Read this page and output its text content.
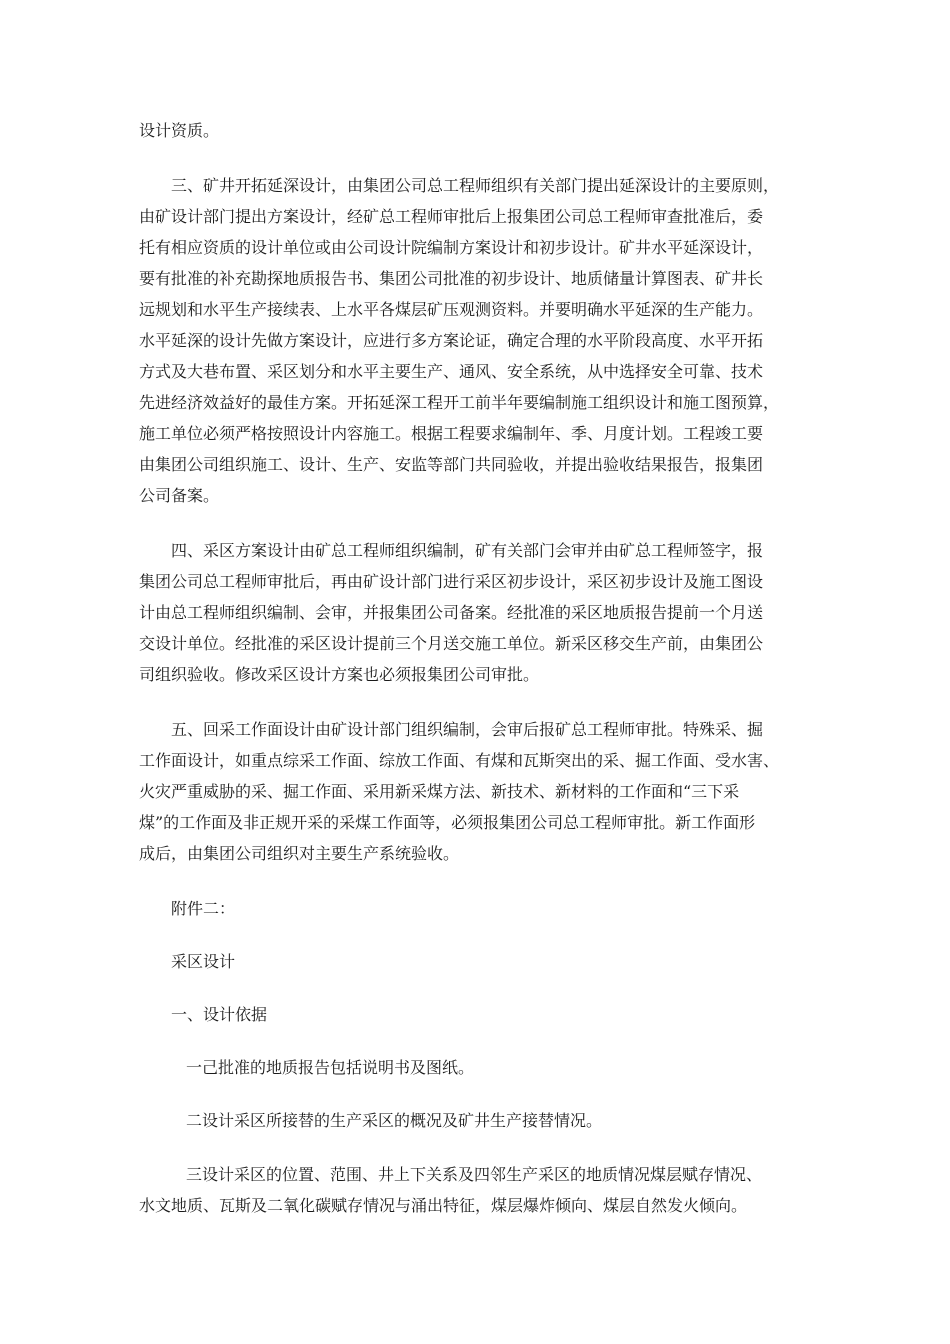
设计资质。
三、矿井开拓延深设计，由集团公司总工程师组织有关部门提出延深设计的主要原则，
由矿设计部门提出方案设计，经矿总工程师审批后上报集团公司总工程师审查批准后，委
托有相应资质的设计单位或由公司设计院编制方案设计和初步设计。矿井水平延深设计，
要有批准的补充勘探地质报告书、集团公司批准的初步设计、地质储量计算图表、矿井长
远规划和水平生产接续表、上水平各煤层矿压观测资料。并要明确水平延深的生产能力。
水平延深的设计先做方案设计，应进行多方案论证，确定合理的水平阶段高度、水平开拓
方式及大巷布置、采区划分和水平主要生产、通风、安全系统，从中选择安全可靠、技术
先进经济效益好的最佳方案。开拓延深工程开工前半年要编制施工组织设计和施工图预算，
施工单位必须严格按照设计内容施工。根据工程要求编制年、季、月度计划。工程竣工要
由集团公司组织施工、设计、生产、安监等部门共同验收，并提出验收结果报告，报集团
公司备案。
四、采区方案设计由矿总工程师组织编制，矿有关部门会审并由矿总工程师签字，报
集团公司总工程师审批后，再由矿设计部门进行采区初步设计，采区初步设计及施工图设
计由总工程师组织编制、会审，并报集团公司备案。经批准的采区地质报告提前一个月送
交设计单位。经批准的采区设计提前三个月送交施工单位。新采区移交生产前，由集团公
司组织验收。修改采区设计方案也必须报集团公司审批。
五、回采工作面设计由矿设计部门组织编制，会审后报矿总工程师审批。特殊采、掘
工作面设计，如重点综采工作面、综放工作面、有煤和瓦斯突出的采、掘工作面、受水害、
火灾严重威胁的采、掘工作面、采用新采煤方法、新技术、新材料的工作面和“三下采
煤”的工作面及非正规开采的采煤工作面等，必须报集团公司总工程师审批。新工作面形
成后，由集团公司组织对主要生产系统验收。
附件二：
采区设计
一、设计依据
一己批准的地质报告包括说明书及图纸。
二设计采区所接替的生产采区的概况及矿井生产接替情况。
三设计采区的位置、范围、井上下关系及四邻生产采区的地质情况煤层赋存情况、
水文地质、瓦斯及二氧化碳赋存情况与涌出特征，煤层爆炸倾向、煤层自然发火倾向。
